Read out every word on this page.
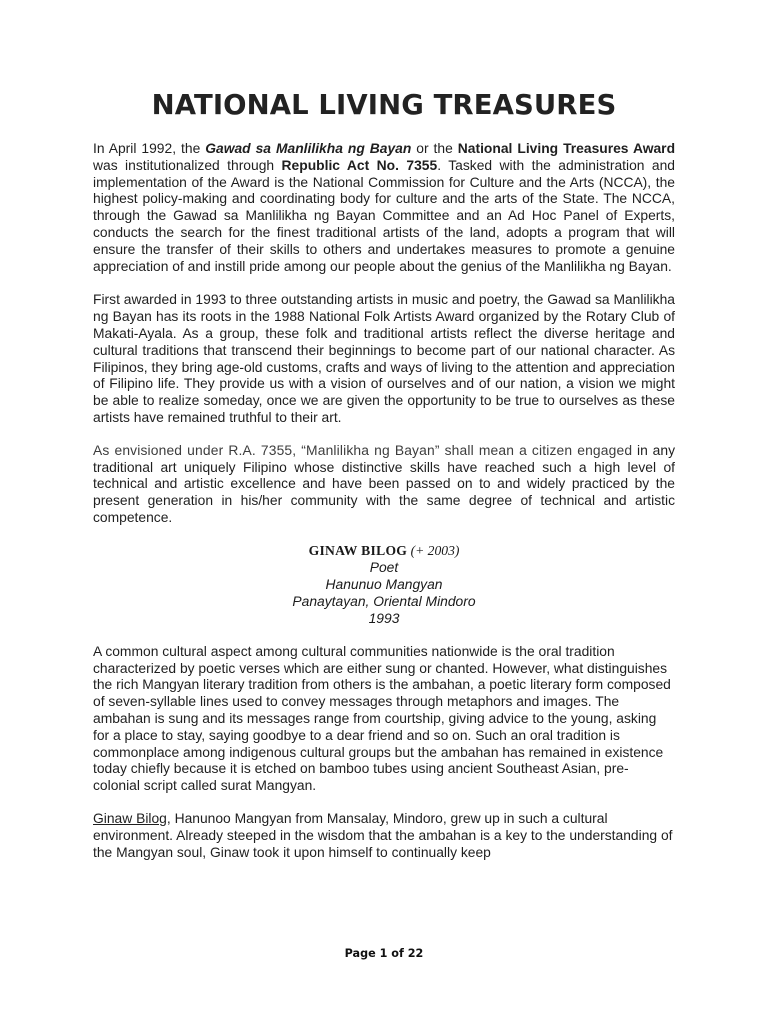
NATIONAL LIVING TREASURES

In April 1992, the Gawad sa Manlilikha ng Bayan or the National Living Treasures Award was institutionalized through Republic Act No. 7355. Tasked with the administration and implementation of the Award is the National Commission for Culture and the Arts (NCCA), the highest policy-making and coordinating body for culture and the arts of the State. The NCCA, through the Gawad sa Manlilikha ng Bayan Committee and an Ad Hoc Panel of Experts, conducts the search for the finest traditional artists of the land, adopts a program that will ensure the transfer of their skills to others and undertakes measures to promote a genuine appreciation of and instill pride among our people about the genius of the Manlilikha ng Bayan.

First awarded in 1993 to three outstanding artists in music and poetry, the Gawad sa Manlilikha ng Bayan has its roots in the 1988 National Folk Artists Award organized by the Rotary Club of Makati-Ayala. As a group, these folk and traditional artists reflect the diverse heritage and cultural traditions that transcend their beginnings to become part of our national character. As Filipinos, they bring age-old customs, crafts and ways of living to the attention and appreciation of Filipino life. They provide us with a vision of ourselves and of our nation, a vision we might be able to realize someday, once we are given the opportunity to be true to ourselves as these artists have remained truthful to their art.

As envisioned under R.A. 7355, “Manlilikha ng Bayan” shall mean a citizen engaged in any traditional art uniquely Filipino whose distinctive skills have reached such a high level of technical and artistic excellence and have been passed on to and widely practiced by the present generation in his/her community with the same degree of technical and artistic competence.

GINAW BILOG (+ 2003)
Poet
Hanunuo Mangyan
Panaytayan, Oriental Mindoro
1993

A common cultural aspect among cultural communities nationwide is the oral tradition characterized by poetic verses which are either sung or chanted. However, what distinguishes the rich Mangyan literary tradition from others is the ambahan, a poetic literary form composed of seven-syllable lines used to convey messages through metaphors and images. The ambahan is sung and its messages range from courtship, giving advice to the young, asking for a place to stay, saying goodbye to a dear friend and so on. Such an oral tradition is commonplace among indigenous cultural groups but the ambahan has remained in existence today chiefly because it is etched on bamboo tubes using ancient Southeast Asian, pre-colonial script called surat Mangyan.

Ginaw Bilog, Hanunoo Mangyan from Mansalay, Mindoro, grew up in such a cultural environment. Already steeped in the wisdom that the ambahan is a key to the understanding of the Mangyan soul, Ginaw took it upon himself to continually keep

Page 1 of 22
